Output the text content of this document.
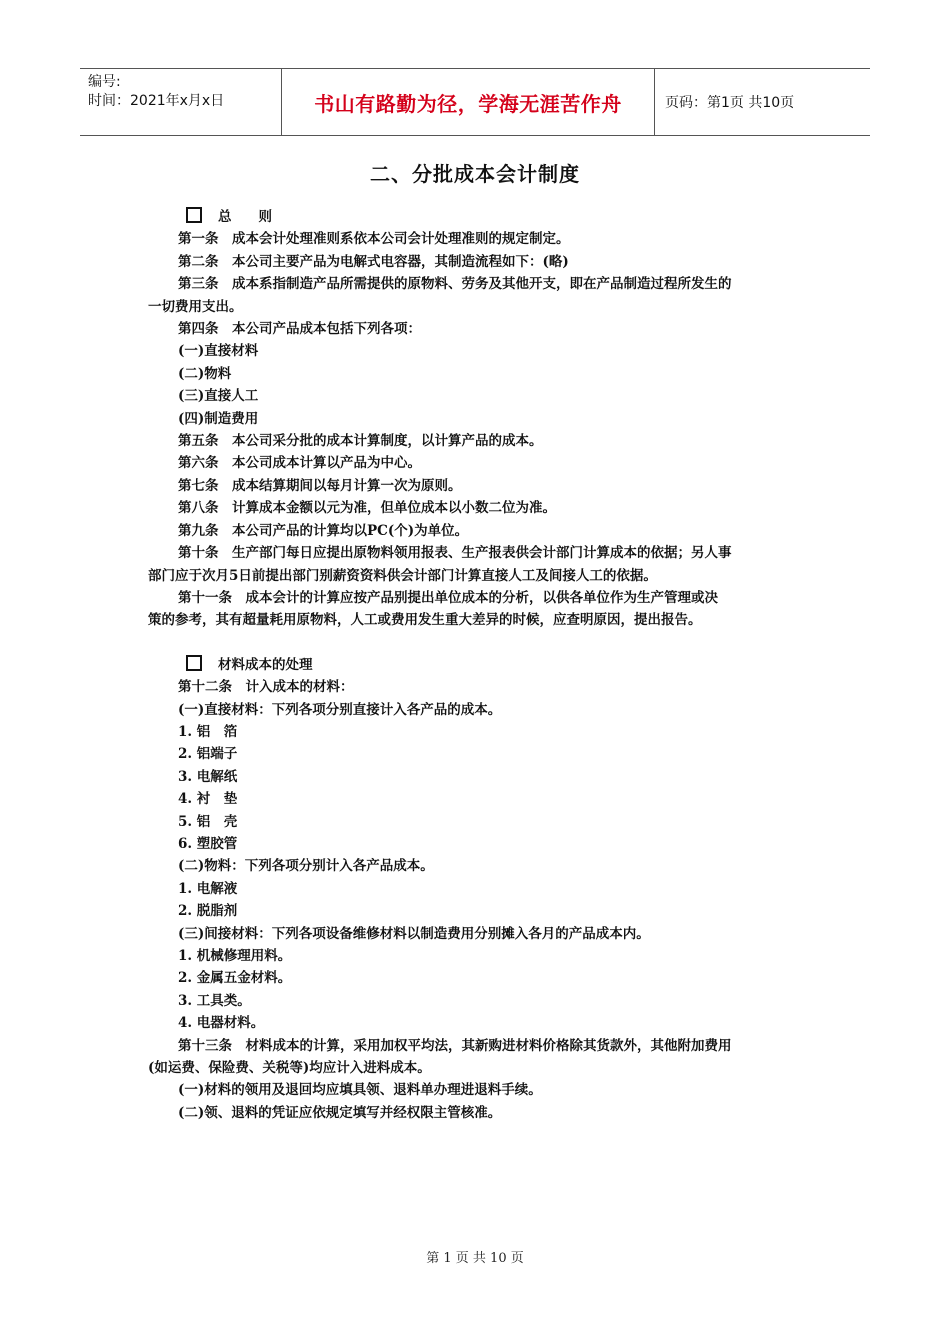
编号:
时间：2021年x月x日	书山有路勤为径，学海无涯苦作舟	页码：第1页 共10页
二、分批成本会计制度
总　　则
第一条　成本会计处理准则系依本公司会计处理准则的规定制定。
第二条　本公司主要产品为电解式电容器，其制造流程如下：(略)
第三条　成本系指制造产品所需提供的原物料、劳务及其他开支，即在产品制造过程所发生的
一切费用支出。
第四条　本公司产品成本包括下列各项：
(一)直接材料
(二)物料
(三)直接人工
(四)制造费用
第五条　本公司采分批的成本计算制度，以计算产品的成本。
第六条　本公司成本计算以产品为中心。
第七条　成本结算期间以每月计算一次为原则。
第八条　计算成本金额以元为准，但单位成本以小数二位为准。
第九条　本公司产品的计算均以PC(个)为单位。
第十条　生产部门每日应提出原物料领用报表、生产报表供会计部门计算成本的依据；另人事
部门应于次月5日前提出部门别薪资资料供会计部门计算直接人工及间接人工的依据。
第十一条　成本会计的计算应按产品别提出单位成本的分析，以供各单位作为生产管理或决
策的参考，其有超量耗用原物料，人工或费用发生重大差异的时候，应查明原因，提出报告。
材料成本的处理
第十二条　计入成本的材料：
(一)直接材料：下列各项分别直接计入各产品的成本。
1. 铝　箔
2. 铝端子
3. 电解纸
4. 衬　垫
5. 铝　壳
6. 塑胶管
(二)物料：下列各项分别计入各产品成本。
1. 电解液
2. 脱脂剂
(三)间接材料：下列各项设备维修材料以制造费用分别摊入各月的产品成本内。
1. 机械修理用料。
2. 金属五金材料。
3. 工具类。
4. 电器材料。
第十三条　材料成本的计算，采用加权平均法，其新购进材料价格除其货款外，其他附加费用
(如运费、保险费、关税等)均应计入进料成本。
(一)材料的领用及退回均应填具领、退料单办理进退料手续。
(二)领、退料的凭证应依规定填写并经权限主管核准。
第 1 页 共 10 页
